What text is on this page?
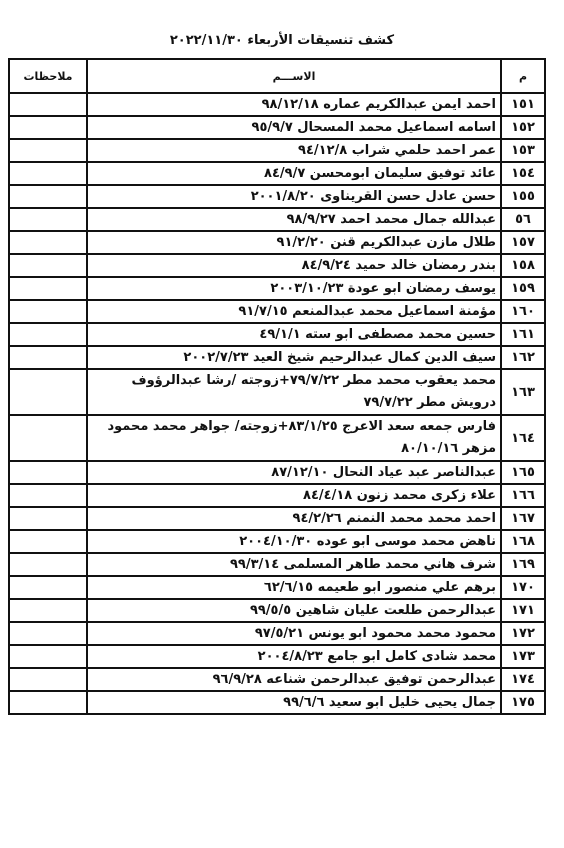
كشف تنسيقات الأربعاء ٢٠٢٢/١١/٣٠
م	الاســـم	ملاحظات
١٥١	احمد ايمن عبدالكريم عماره ٩٨/١٢/١٨	
١٥٢	اسامه اسماعيل محمد المسحال ٩٥/٩/٧	
١٥٣	عمر احمد حلمي شراب ٩٤/١٢/٨	
١٥٤	عائد توفيق سليمان ابومحسن ٨٤/٩/٧	
١٥٥	حسن عادل حسن القريناوى ٢٠٠١/٨/٢٠	
٥٦	عبدالله جمال محمد احمد ٩٨/٩/٢٧	
١٥٧	طلال مازن عبدالكريم قنن ٩١/٢/٢٠	
١٥٨	بندر رمضان خالد حميد ٨٤/٩/٢٤	
١٥٩	يوسف رمضان ابو عودة ٢٠٠٣/١٠/٢٣	
١٦٠	مؤمنة اسماعيل محمد عبدالمنعم ٩١/٧/١٥	
١٦١	حسين محمد مصطفى ابو سته ٤٩/١/١	
١٦٢	سيف الدين كمال عبدالرحيم شيخ العيد ٢٠٠٢/٧/٢٣	
١٦٣	محمد يعقوب محمد مطر ٧٩/٧/٢٢+زوجته /رشا عبدالرؤوف درويش مطر ٧٩/٧/٢٢	
١٦٤	فارس جمعه سعد الاعرج ٨٣/١/٢٥+زوجته/ جواهر محمد محمود مزهر ٨٠/١٠/١٦	
١٦٥	عبدالناصر عبد عياد النحال ٨٧/١٢/١٠	
١٦٦	علاء زكرى محمد زنون ٨٤/٤/١٨	
١٦٧	احمد محمد محمد النمنم ٩٤/٢/٢٦	
١٦٨	ناهض محمد موسى ابو عوده ٢٠٠٤/١٠/٣٠	
١٦٩	شرف هاني محمد طاهر المسلمى ٩٩/٣/١٤	
١٧٠	برهم علي منصور ابو طعيمه ٦٢/٦/١٥	
١٧١	عبدالرحمن طلعت عليان شاهين ٩٩/٥/٥	
١٧٢	محمود محمد محمود ابو يونس ٩٧/٥/٢١	
١٧٣	محمد شادى كامل ابو جامع ٢٠٠٤/٨/٢٣	
١٧٤	عبدالرحمن توفيق عبدالرحمن شناعه ٩٦/٩/٢٨	
١٧٥	جمال يحيى خليل ابو سعيد ٩٩/٦/٦	
